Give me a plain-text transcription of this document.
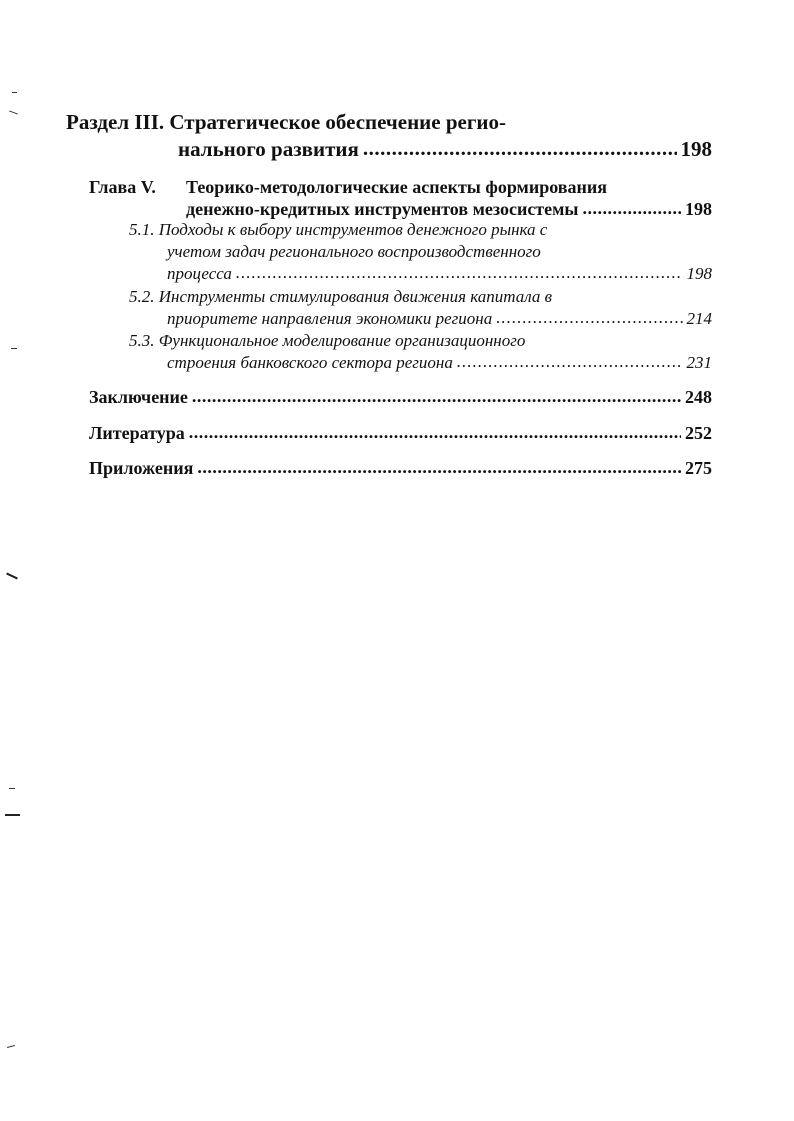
Раздел III.
Стратегическое обеспечение регио-
нального развития .....	198
Глава V.	Теорико-методологические аспекты формирования
денежно-кредитных инструментов мезосистемы .....	198
5.1. Подходы к выбору инструментов денежного рынка с
учетом задач регионального воспроизводственного
процесса .....	198
5.2. Инструменты стимулирования движения капитала в
приоритете направления экономики региона .....	214
5.3. Функциональное моделирование организационного
строения банковского сектора региона .....	231
Заключение .....	248
Литература .....	252
Приложения .....	275
